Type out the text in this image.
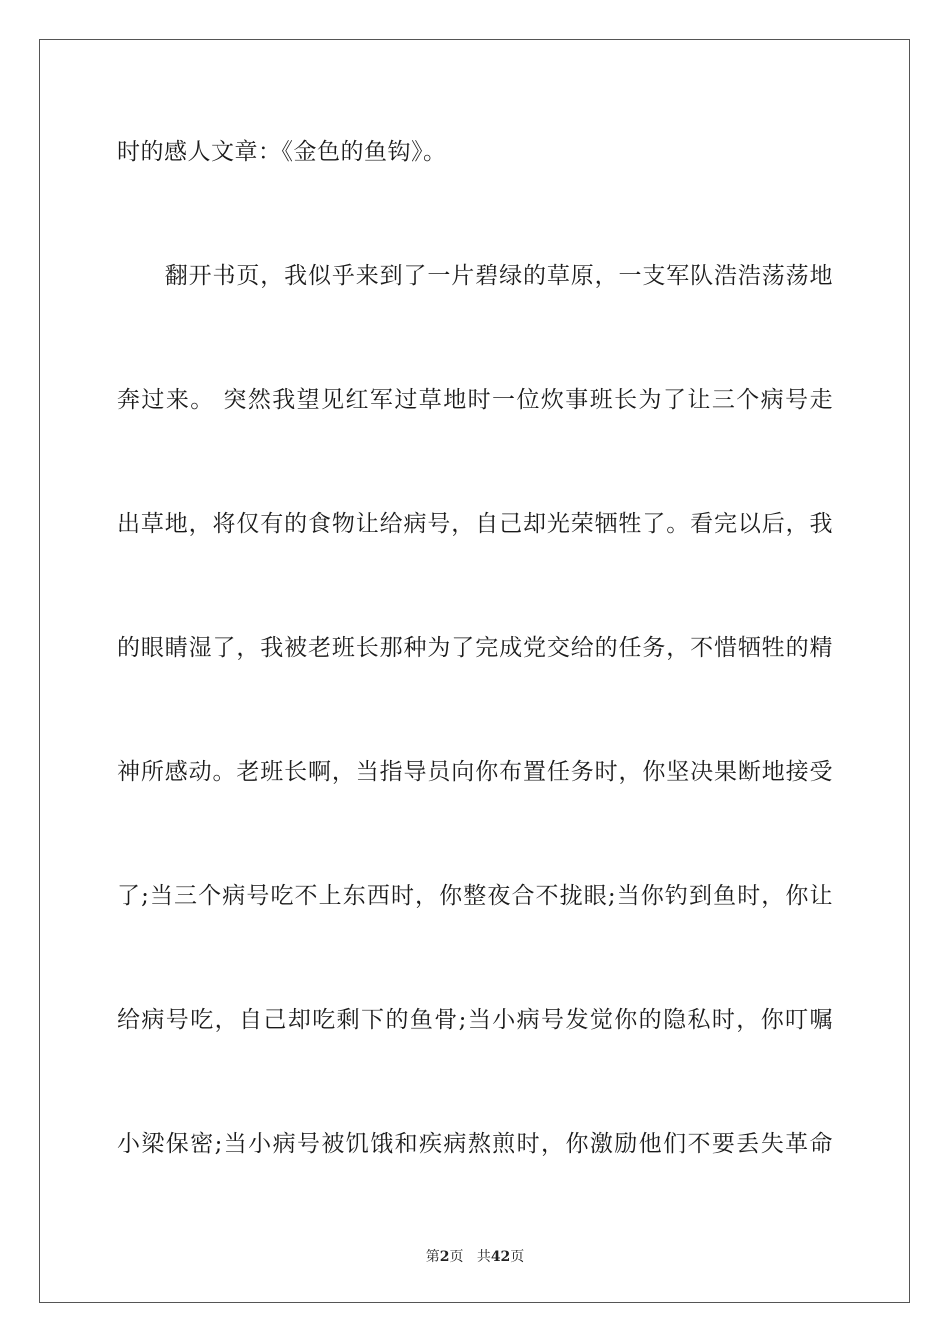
时的感人文章：《金色的鱼钩》。
　　翻开书页，我似乎来到了一片碧绿的草原，一支军队浩浩荡荡地
奔过来。 突然我望见红军过草地时一位炊事班长为了让三个病号走
出草地，将仅有的食物让给病号，自己却光荣牺牲了。看完以后，我
的眼睛湿了，我被老班长那种为了完成党交给的任务，不惜牺牲的精
神所感动。老班长啊，当指导员向你布置任务时，你坚决果断地接受
了;当三个病号吃不上东西时，你整夜合不拢眼;当你钓到鱼时，你让
给病号吃，自己却吃剩下的鱼骨;当小病号发觉你的隐私时，你叮嘱
小梁保密;当小病号被饥饿和疾病熬煎时，你激励他们不要丢失革命
第2页 共42页
